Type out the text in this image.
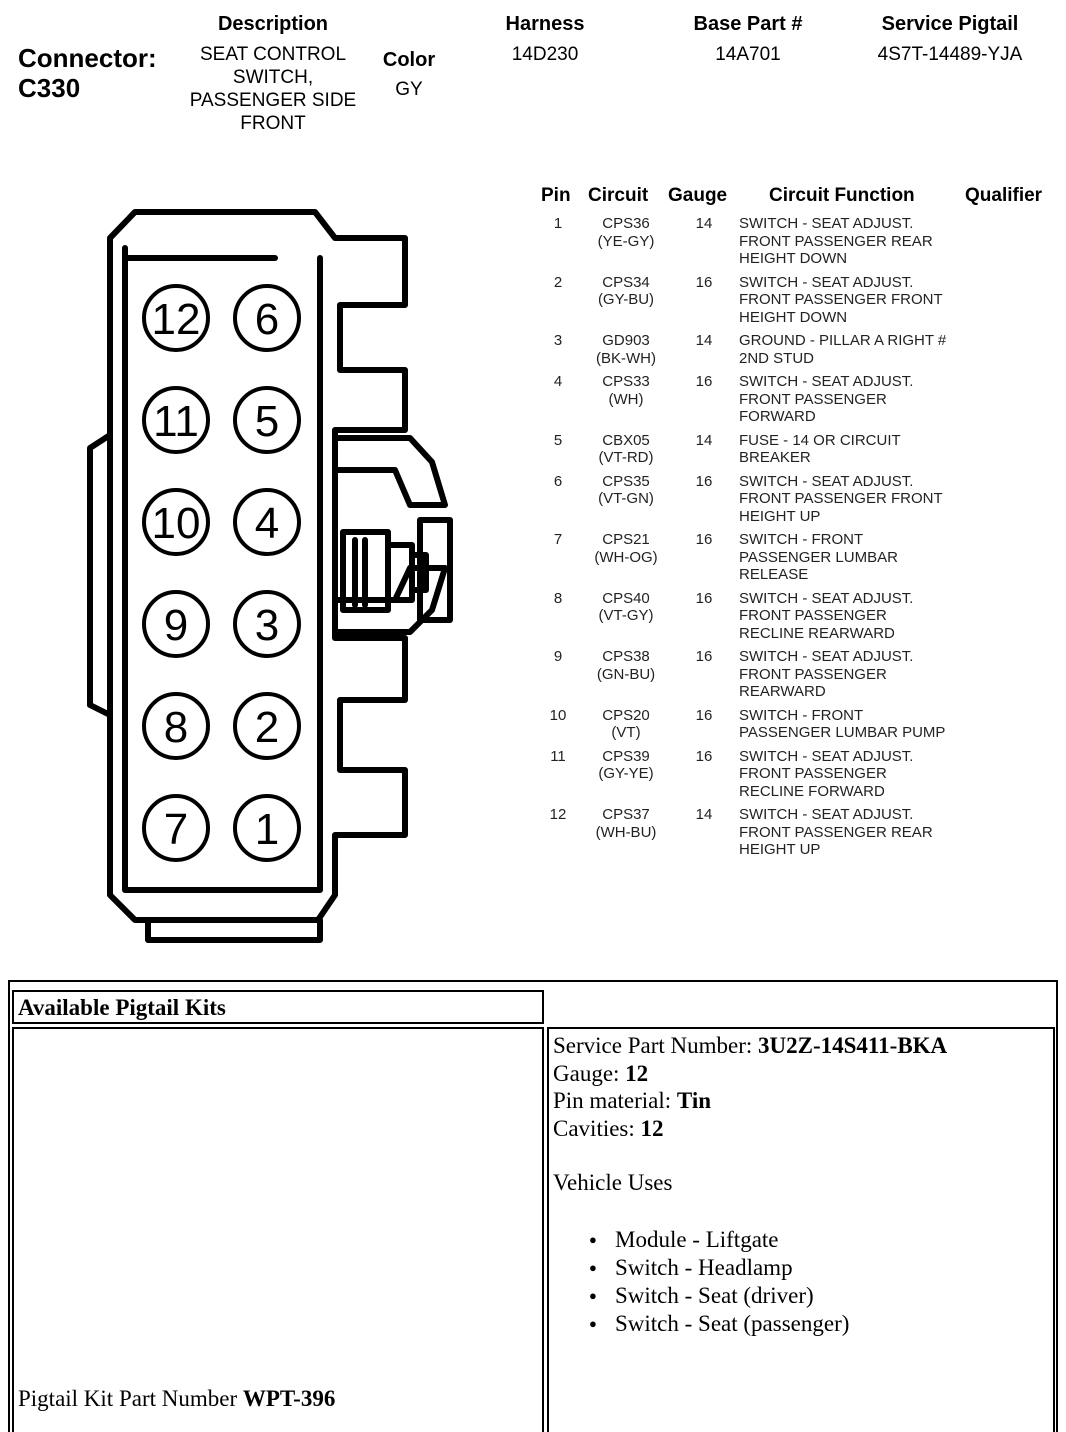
Connector:
C330
Description
SEAT CONTROL
SWITCH,
PASSENGER SIDE
FRONT
Color
GY
Harness
14D230
Base Part #
14A701
Service Pigtail
4S7T-14489-YJA
12
11
10
9
8
7
6
5
4
3
2
1
Pin Circuit Gauge Circuit Function	Qualifier
1	CPS36
(YE-GY)
14	SWITCH - SEAT ADJUST.
FRONT PASSENGER REAR
HEIGHT DOWN
2	CPS34
(GY-BU)
16	SWITCH - SEAT ADJUST.
FRONT PASSENGER FRONT
HEIGHT DOWN
3	GD903
(BK-WH)
14	GROUND - PILLAR A RIGHT #
2ND STUD
4	CPS33
(WH)
16	SWITCH - SEAT ADJUST.
FRONT PASSENGER
FORWARD
5	CBX05
(VT-RD)
14	FUSE - 14 OR CIRCUIT
BREAKER
6	CPS35
(VT-GN)
16	SWITCH - SEAT ADJUST.
FRONT PASSENGER FRONT
HEIGHT UP
7	CPS21
(WH-OG)
16	SWITCH - FRONT
PASSENGER LUMBAR
RELEASE
8	CPS40
(VT-GY)
16	SWITCH - SEAT ADJUST.
FRONT PASSENGER
RECLINE REARWARD
9	CPS38
(GN-BU)
16	SWITCH - SEAT ADJUST.
FRONT PASSENGER
REARWARD
10	CPS20
(VT)
16	SWITCH - FRONT
PASSENGER LUMBAR PUMP
11	CPS39
(GY-YE)
16	SWITCH - SEAT ADJUST.
FRONT PASSENGER
RECLINE FORWARD
12	CPS37
(WH-BU)
14	SWITCH - SEAT ADJUST.
FRONT PASSENGER REAR
HEIGHT UP
Available Pigtail Kits
Pigtail Kit Part Number WPT-396
Service Part Number: 3U2Z-14S411-BKA
Gauge: 12
Pin material: Tin
Cavities: 12
Vehicle Uses
● Module - Liftgate
● Switch - Headlamp
● Switch - Seat (driver)
● Switch - Seat (passenger)
